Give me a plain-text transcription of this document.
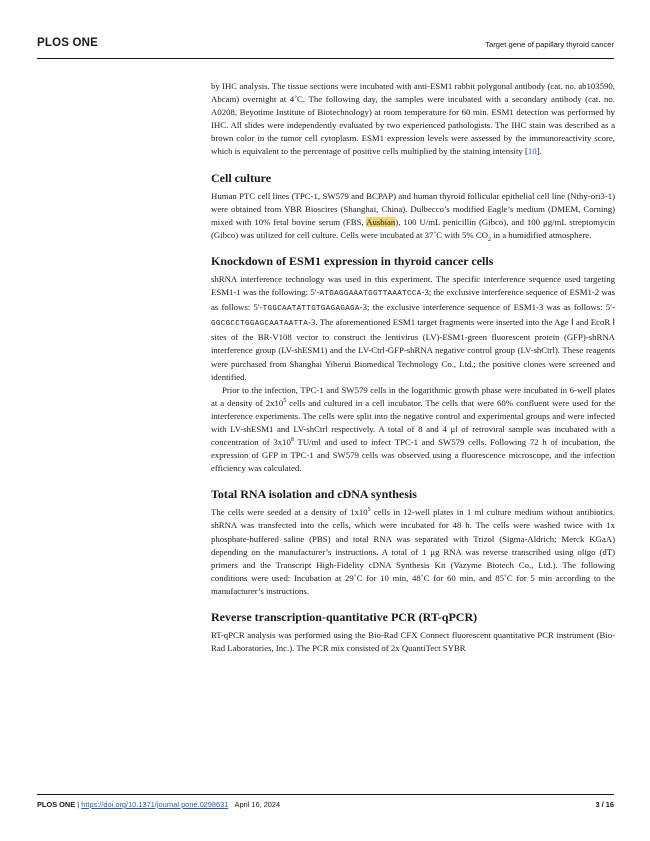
PLOS ONE	Target gene of papillary thyroid cancer

by IHC analysis. The tissue sections were incubated with anti-ESM1 rabbit polygonal antibody (cat. no. ab103590, Abcam) overnight at 4˚C. The following day, the samples were incubated with a secondary antibody (cat. no. A0208, Beyotime Institute of Biotechnology) at room temperature for 60 min. ESM1 detection was performed by IHC. All slides were independently evaluated by two experienced pathologists. The IHC stain was described as a brown color in the tumor cell cytoplasm. ESM1 expression levels were assessed by the immunoreactivity score, which is equivalent to the percentage of positive cells multiplied by the staining intensity [10].

Cell culture

Human PTC cell lines (TPC-1, SW579 and BCPAP) and human thyroid follicular epithelial cell line (Nthy-ori3-1) were obtained from YBR Bioscires (Shanghai, China). Dulbecco’s modified Eagle’s medium (DMEM, Corning) mixed with 10% fetal bovine serum (FBS, Ausbian), 100 U/mL penicillin (Gibco), and 100 μg/mL streptomycin (Gibco) was utilized for cell culture. Cells were incubated at 37˚C with 5% $CO_2$ in a humidified atmosphere.

Knockdown of ESM1 expression in thyroid cancer cells

shRNA interference technology was used in this experiment. The specific interference sequence used targeting ESM1-1 was the following: 5′-ATGAGGAAATGGTTAAATCCA-3; the exclusive interference sequence of ESM1-2 was as follows: 5′-TGGCAATATTGTGAGAGAGA-3; the exclusive interference sequence of ESM1-3 was as follows: 5′-GGCGCCTGGAGCAATAATTA-3. The aforementioned ESM1 target fragments were inserted into the Age Ⅰ and EcoR Ⅰ sites of the BR-V108 vector to construct the lentivirus (LV)-ESM1-green fluorescent protein (GFP)-shRNA interference group (LV-shESM1) and the LV-Ctrl-GFP-shRNA negative control group (LV-shCtrl). These reagents were purchased from Shanghai Yiberui Biomedical Technology Co., Ltd.; the positive clones were screened and identified.

Prior to the infection, TPC-1 and SW579 cells in the logarithmic growth phase were incubated in 6-well plates at a density of $2x10^5$ cells and cultured in a cell incubator. The cells that were 60% confluent were used for the interference experiments. The cells were split into the negative control and experimental groups and were infected with LV-shESM1 and LV-shCtrl respectively. A total of 8 and 4 μl of retroviral sample was incubated with a concentration of $3x10^8$ TU/ml and used to infect TPC-1 and SW579 cells. Following 72 h of incubation, the expression of GFP in TPC-1 and SW579 cells was observed using a fluorescence microscope, and the infection efficiency was calculated.

Total RNA isolation and cDNA synthesis

The cells were seeded at a density of $1x10^5$ cells in 12-well plates in 1 ml culture medium without antibiotics. shRNA was transfected into the cells, which were incubated for 48 h. The cells were washed twice with 1x phosphate-buffered saline (PBS) and total RNA was separated with Trizol (Sigma-Aldrich; Merck KGaA) depending on the manufacturer’s instructions. A total of 1 μg RNA was reverse transcribed using oligo (dT) primers and the Transcript High-Fidelity cDNA Synthesis Kit (Vazyme Biotech Co., Ltd.). The following conditions were used: Incubation at 29˚C for 10 min, 48˚C for 60 min, and 85˚C for 5 min according to the manufacturer’s instructions.

Reverse transcription-quantitative PCR (RT-qPCR)

RT-qPCR analysis was performed using the Bio-Rad CFX Connect fluorescent quantitative PCR instrument (Bio-Rad Laboratories, Inc.). The PCR mix consisted of 2x QuantiTect SYBR

PLOS ONE | https://doi.org/10.1371/journal.pone.0298631 April 16, 2024	3 / 16
